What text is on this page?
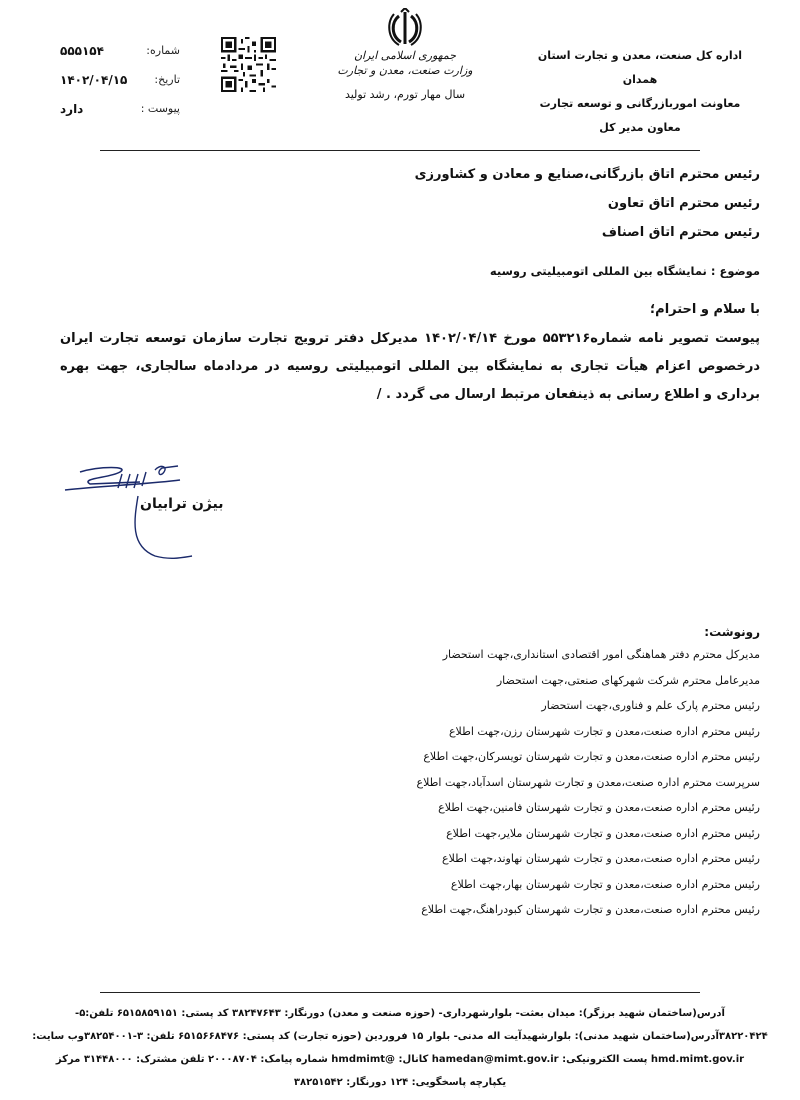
اداره کل صنعت، معدن و تجارت استان همدان
معاونت اموربازرگانی و توسعه تجارت
معاون مدیر کل
جمهوری اسلامی ایران
وزارت صنعت، معدن و تجارت
سال مهار تورم، رشد تولید
شماره:
۵۵۵۱۵۴
تاریخ:
۱۴۰۲/۰۴/۱۵
پیوست :
دارد
رئیس محترم اتاق بازرگانی،صنایع و معادن و کشاورزی
رئیس محترم اتاق تعاون
رئیس محترم اتاق اصناف
موضوع : نمایشگاه بین المللی اتومبیلیتی روسیه
با سلام و احترام؛
پیوست تصویر نامه شماره۵۵۳۲۱۶ مورخ ۱۴۰۲/۰۴/۱۴ مدیرکل دفتر ترویج تجارت سازمان توسعه تجارت ایران درخصوص اعزام هیأت تجاری به نمایشگاه بین المللی اتومبیلیتی روسیه در مردادماه سالجاری، جهت بهره برداری و اطلاع رسانی به ذینفعان مرتبط ارسال می گردد . /
بیژن ترابیان
رونوشت:
مدیرکل محترم دفتر هماهنگی امور اقتصادی استانداری،جهت استحضار
مدیرعامل محترم شرکت شهرکهای صنعتی،جهت استحضار
رئیس محترم پارک علم و فناوری،جهت استحضار
رئیس محترم اداره صنعت،معدن و تجارت شهرستان رزن،جهت اطلاع
رئیس محترم اداره صنعت،معدن و تجارت شهرستان تویسرکان،جهت اطلاع
سرپرست محترم اداره صنعت،معدن و تجارت شهرستان اسدآباد،جهت اطلاع
رئیس محترم اداره صنعت،معدن و تجارت شهرستان فامنین،جهت اطلاع
رئیس محترم اداره صنعت،معدن و تجارت شهرستان ملایر،جهت اطلاع
رئیس محترم اداره صنعت،معدن و تجارت شهرستان نهاوند،جهت اطلاع
رئیس محترم اداره صنعت،معدن و تجارت شهرستان بهار،جهت اطلاع
رئیس محترم اداره صنعت،معدن و تجارت شهرستان کبودراهنگ،جهت اطلاع
آدرس(ساختمان شهید برزگر): میدان بعثت- بلوارشهرداری- (حوزه صنعت و معدن) دورنگار: ۳۸۲۴۷۶۴۳ کد پستی: ۶۵۱۵۸۵۹۱۵۱ تلفن:۵-
۳۸۲۲۰۴۲۴آدرس(ساختمان شهید مدنی): بلوارشهیدآیت اله مدنی- بلوار ۱۵ فروردین (حوزه تجارت) کد پستی: ۶۵۱۵۶۶۸۴۷۶ تلفن: ۳-۳۸۲۵۴۰۰۱وب سایت:
hmd.mimt.gov.ir پست الکترونیکی: hamedan@mimt.gov.ir کانال: @hmdmimt شماره پیامک: ۲۰۰۰۸۷۰۴ تلفن مشترک: ۳۱۴۴۸۰۰۰ مرکز
یکپارچه پاسخگویی: ۱۲۴ دورنگار: ۳۸۲۵۱۵۴۲
